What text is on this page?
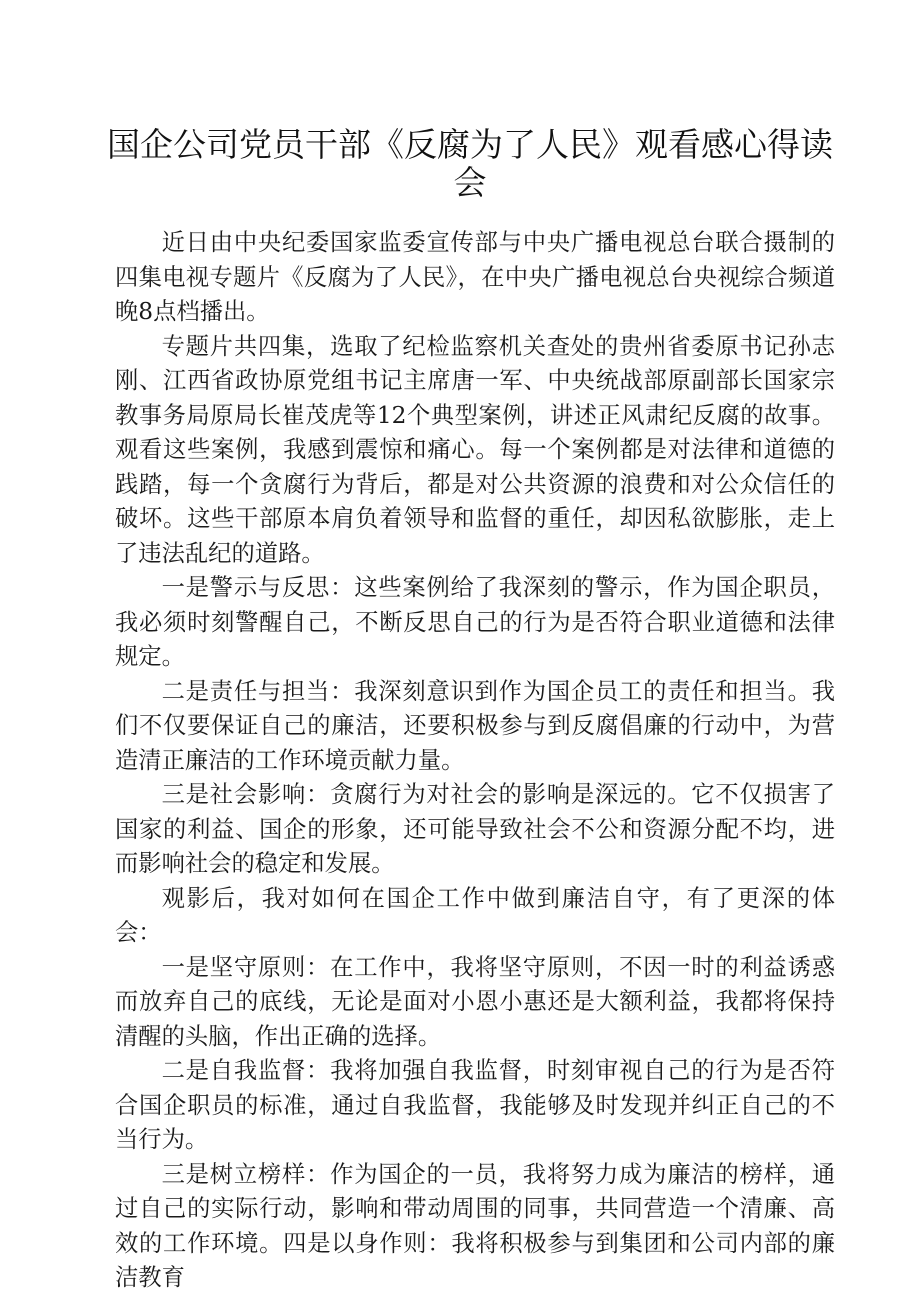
国企公司党员干部《反腐为了人民》观看感心得读会

近日由中央纪委国家监委宣传部与中央广播电视总台联合摄制的四集电视专题片《反腐为了人民》，在中央广播电视总台央视综合频道晚8点档播出。

专题片共四集，选取了纪检监察机关查处的贵州省委原书记孙志刚、江西省政协原党组书记主席唐一军、中央统战部原副部长国家宗教事务局原局长崔茂虎等12个典型案例，讲述正风肃纪反腐的故事。观看这些案例，我感到震惊和痛心。每一个案例都是对法律和道德的践踏，每一个贪腐行为背后，都是对公共资源的浪费和对公众信任的破坏。这些干部原本肩负着领导和监督的重任，却因私欲膨胀，走上了违法乱纪的道路。

一是警示与反思：这些案例给了我深刻的警示，作为国企职员，我必须时刻警醒自己，不断反思自己的行为是否符合职业道德和法律规定。

二是责任与担当：我深刻意识到作为国企员工的责任和担当。我们不仅要保证自己的廉洁，还要积极参与到反腐倡廉的行动中，为营造清正廉洁的工作环境贡献力量。

三是社会影响：贪腐行为对社会的影响是深远的。它不仅损害了国家的利益、国企的形象，还可能导致社会不公和资源分配不均，进而影响社会的稳定和发展。

观影后，我对如何在国企工作中做到廉洁自守，有了更深的体会：

一是坚守原则：在工作中，我将坚守原则，不因一时的利益诱惑而放弃自己的底线，无论是面对小恩小惠还是大额利益，我都将保持清醒的头脑，作出正确的选择。

二是自我监督：我将加强自我监督，时刻审视自己的行为是否符合国企职员的标准，通过自我监督，我能够及时发现并纠正自己的不当行为。

三是树立榜样：作为国企的一员，我将努力成为廉洁的榜样，通过自己的实际行动，影响和带动周围的同事，共同营造一个清廉、高效的工作环境。四是以身作则：我将积极参与到集团和公司内部的廉洁教育
